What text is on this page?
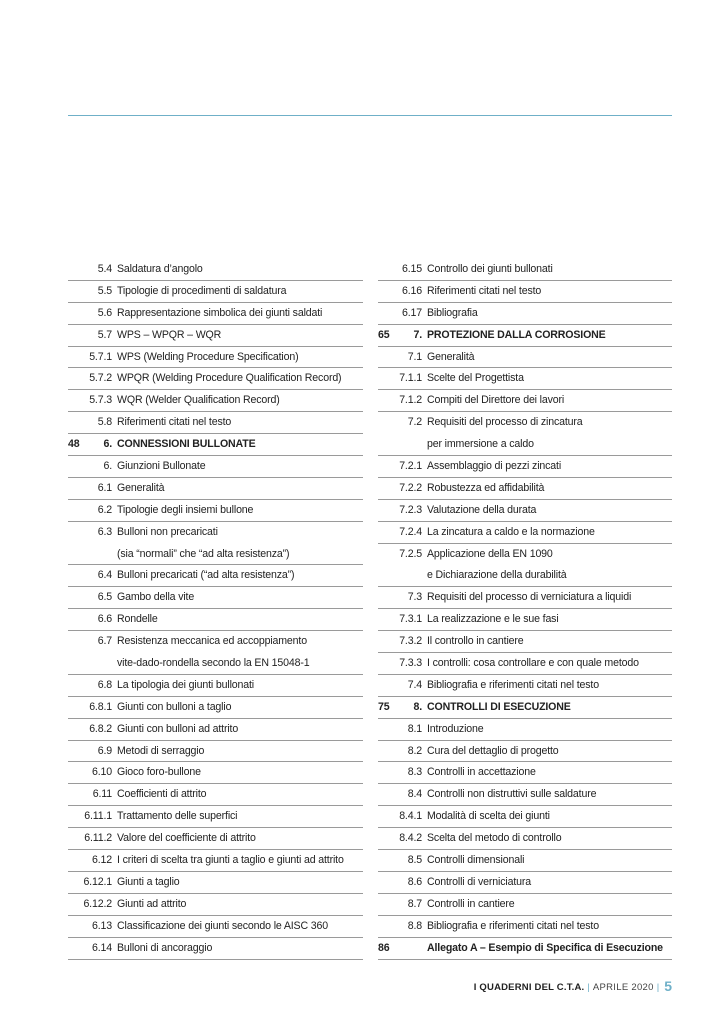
5.4 Saldatura d’angolo
5.5 Tipologie di procedimenti di saldatura
5.6 Rappresentazione simbolica dei giunti saldati
5.7 WPS – WPQR – WQR
5.7.1 WPS (Welding Procedure Specification)
5.7.2 WPQR (Welding Procedure Qualification Record)
5.7.3 WQR (Welder Qualification Record)
5.8 Riferimenti citati nel testo
48 6. CONNESSIONI BULLONATE
6. Giunzioni Bullonate
6.1 Generalità
6.2 Tipologie degli insiemi bullone
6.3 Bulloni non precaricati
(sia “normali” che “ad alta resistenza”)
6.4 Bulloni precaricati (“ad alta resistenza”)
6.5 Gambo della vite
6.6 Rondelle
6.7 Resistenza meccanica ed accoppiamento
vite-dado-rondella secondo la EN 15048-1
6.8 La tipologia dei giunti bullonati
6.8.1 Giunti con bulloni a taglio
6.8.2 Giunti con bulloni ad attrito
6.9 Metodi di serraggio
6.10 Gioco foro-bullone
6.11 Coefficienti di attrito
6.11.1 Trattamento delle superfici
6.11.2 Valore del coefficiente di attrito
6.12 I criteri di scelta tra giunti a taglio e giunti ad attrito
6.12.1 Giunti a taglio
6.12.2 Giunti ad attrito
6.13 Classificazione dei giunti secondo le AISC 360
6.14 Bulloni di ancoraggio
6.15 Controllo dei giunti bullonati
6.16 Riferimenti citati nel testo
6.17 Bibliografia
65 7. PROTEZIONE DALLA CORROSIONE
7.1 Generalità
7.1.1 Scelte del Progettista
7.1.2 Compiti del Direttore dei lavori
7.2 Requisiti del processo di zincatura
per immersione a caldo
7.2.1 Assemblaggio di pezzi zincati
7.2.2 Robustezza ed affidabilità
7.2.3 Valutazione della durata
7.2.4 La zincatura a caldo e la normazione
7.2.5 Applicazione della EN 1090
e Dichiarazione della durabilità
7.3 Requisiti del processo di verniciatura a liquidi
7.3.1 La realizzazione e le sue fasi
7.3.2 Il controllo in cantiere
7.3.3 I controlli: cosa controllare e con quale metodo
7.4 Bibliografia e riferimenti citati nel testo
75 8. CONTROLLI DI ESECUZIONE
8.1 Introduzione
8.2 Cura del dettaglio di progetto
8.3 Controlli in accettazione
8.4 Controlli non distruttivi sulle saldature
8.4.1 Modalità di scelta dei giunti
8.4.2 Scelta del metodo di controllo
8.5 Controlli dimensionali
8.6 Controlli di verniciatura
8.7 Controlli in cantiere
8.8 Bibliografia e riferimenti citati nel testo
86	Allegato A – Esempio di Specifica di Esecuzione
I QUADERNI DEL C.T.A. | APRILE 2020 | 5
